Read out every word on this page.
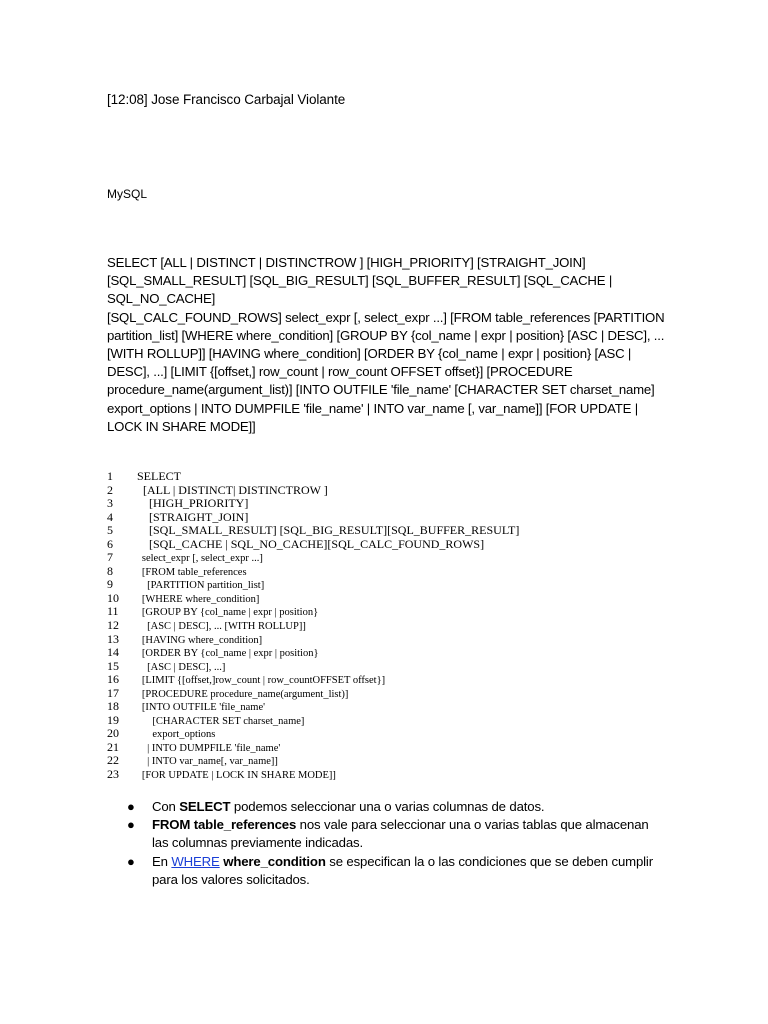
[12:08] Jose Francisco Carbajal Violante
MySQL
SELECT [ALL | DISTINCT | DISTINCTROW ] [HIGH_PRIORITY] [STRAIGHT_JOIN]
[SQL_SMALL_RESULT] [SQL_BIG_RESULT] [SQL_BUFFER_RESULT] [SQL_CACHE | SQL_NO_CACHE]
[SQL_CALC_FOUND_ROWS] select_expr [, select_expr ...] [FROM table_references [PARTITION
partition_list] [WHERE where_condition] [GROUP BY {col_name | expr | position} [ASC | DESC], ...
[WITH ROLLUP]] [HAVING where_condition] [ORDER BY {col_name | expr | position} [ASC |
DESC], ...] [LIMIT {[offset,] row_count | row_count OFFSET offset}] [PROCEDURE
procedure_name(argument_list)] [INTO OUTFILE 'file_name' [CHARACTER SET charset_name]
export_options | INTO DUMPFILE 'file_name' | INTO var_name [, var_name]] [FOR UPDATE |
LOCK IN SHARE MODE]]
1 SELECT
2   [ALL | DISTINCT| DISTINCTROW ]
3     [HIGH_PRIORITY]
4     [STRAIGHT_JOIN]
5     [SQL_SMALL_RESULT] [SQL_BIG_RESULT][SQL_BUFFER_RESULT]
6     [SQL_CACHE | SQL_NO_CACHE][SQL_CALC_FOUND_ROWS]
7   select_expr [, select_expr ...]
8   [FROM table_references
9     [PARTITION partition_list]
10   [WHERE where_condition]
11   [GROUP BY {col_name | expr | position}
12     [ASC | DESC], ... [WITH ROLLUP]]
13   [HAVING where_condition]
14   [ORDER BY {col_name | expr | position}
15     [ASC | DESC], ...]
16   [LIMIT {[offset,]row_count | row_countOFFSET offset}]
17   [PROCEDURE procedure_name(argument_list)]
18   [INTO OUTFILE 'file_name'
19       [CHARACTER SET charset_name]
20       export_options
21     | INTO DUMPFILE 'file_name'
22     | INTO var_name[, var_name]]
23   [FOR UPDATE | LOCK IN SHARE MODE]]
● Con SELECT podemos seleccionar una o varias columnas de datos.
● FROM table_references nos vale para seleccionar una o varias tablas que almacenan las columnas previamente indicadas.
● En WHERE where_condition se especifican la o las condiciones que se deben cumplir para los valores solicitados.
